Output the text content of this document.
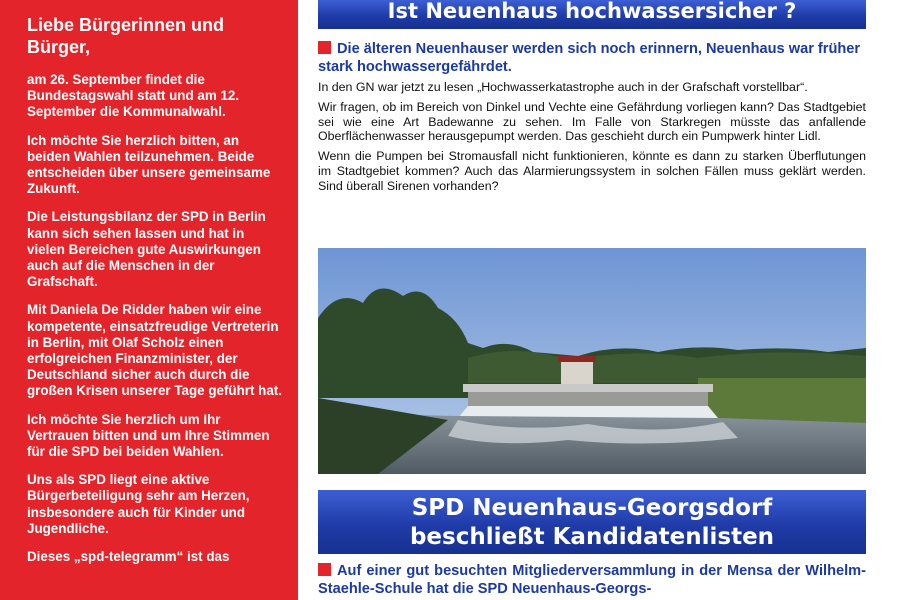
Liebe Bürgerinnen und Bürger,

am 26. September findet die Bundestagswahl statt und am 12. September die Kommunalwahl.

Ich möchte Sie herzlich bitten, an beiden Wahlen teilzunehmen. Beide entscheiden über unsere gemeinsame Zukunft.

Die Leistungsbilanz der SPD in Berlin kann sich sehen lassen und hat in vielen Bereichen gute Auswirkungen auch auf die Menschen in der Grafschaft.

Mit Daniela De Ridder haben wir eine kompetente, einsatzfreudige Vertreterin in Berlin, mit Olaf Scholz einen erfolgreichen Finanzminister, der Deutschland sicher auch durch die großen Krisen unserer Tage geführt hat.

Ich möchte Sie herzlich um Ihr Vertrauen bitten und um Ihre Stimmen für die SPD bei beiden Wahlen.

Uns als SPD liegt eine aktive Bürgerbeteiligung sehr am Herzen, insbesondere auch für Kinder und Jugendliche.

Dieses „spd-telegramm“ ist das

Ist Neuenhaus hochwassersicher ?
Die älteren Neuenhauser werden sich noch erinnern, Neuenhaus war früher stark hochwassergefährdet.

In den GN war jetzt zu lesen „Hochwasserkatastrophe auch in der Grafschaft vorstellbar“.

Wir fragen, ob im Bereich von Dinkel und Vechte eine Gefährdung vorliegen kann? Das Stadtgebiet sei wie eine Art Badewanne zu sehen. Im Falle von Starkregen müsste das anfallende Oberflächenwasser herausgepumpt werden. Das geschieht durch ein Pumpwerk hinter Lidl.

Wenn die Pumpen bei Stromausfall nicht funktionieren, könnte es dann zu starken Überflutungen im Stadtgebiet kommen? Auch das Alarmierungssystem in solchen Fällen muss geklärt werden. Sind überall Sirenen vorhanden?

SPD Neuenhaus-Georgsdorf
beschließt Kandidatenlisten
Auf einer gut besuchten Mitgliederversammlung in der Mensa der Wilhelm-Staehle-Schule hat die SPD Neuenhaus-Georgs-
